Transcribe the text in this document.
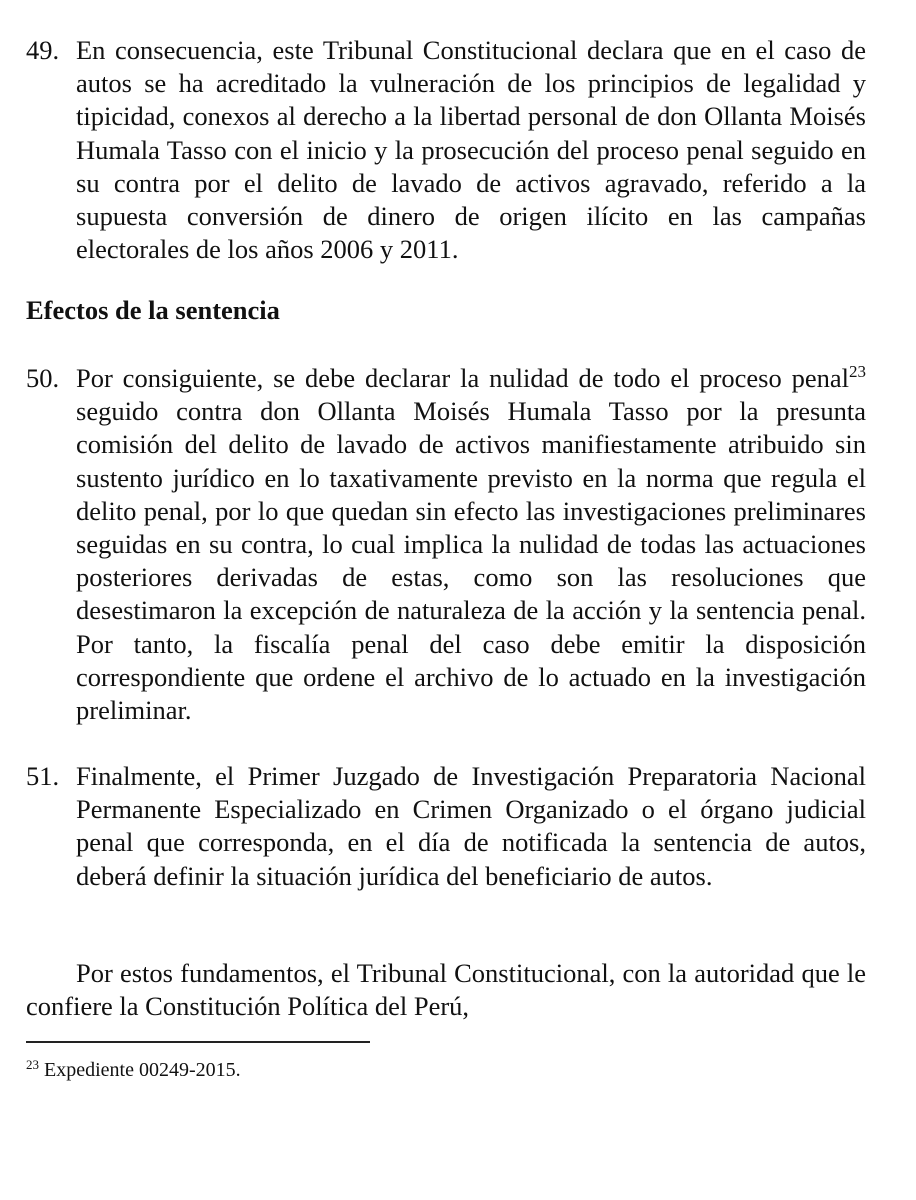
49. En consecuencia, este Tribunal Constitucional declara que en el caso de autos se ha acreditado la vulneración de los principios de legalidad y tipicidad, conexos al derecho a la libertad personal de don Ollanta Moisés Humala Tasso con el inicio y la prosecución del proceso penal seguido en su contra por el delito de lavado de activos agravado, referido a la supuesta conversión de dinero de origen ilícito en las campañas electorales de los años 2006 y 2011.
Efectos de la sentencia
50. Por consiguiente, se debe declarar la nulidad de todo el proceso penal$^{23}$ seguido contra don Ollanta Moisés Humala Tasso por la presunta comisión del delito de lavado de activos manifiestamente atribuido sin sustento jurídico en lo taxativamente previsto en la norma que regula el delito penal, por lo que quedan sin efecto las investigaciones preliminares seguidas en su contra, lo cual implica la nulidad de todas las actuaciones posteriores derivadas de estas, como son las resoluciones que desestimaron la excepción de naturaleza de la acción y la sentencia penal. Por tanto, la fiscalía penal del caso debe emitir la disposición correspondiente que ordene el archivo de lo actuado en la investigación preliminar.
51. Finalmente, el Primer Juzgado de Investigación Preparatoria Nacional Permanente Especializado en Crimen Organizado o el órgano judicial penal que corresponda, en el día de notificada la sentencia de autos, deberá definir la situación jurídica del beneficiario de autos.
Por estos fundamentos, el Tribunal Constitucional, con la autoridad que le confiere la Constitución Política del Perú,
$^{23}$ Expediente 00249-2015.
